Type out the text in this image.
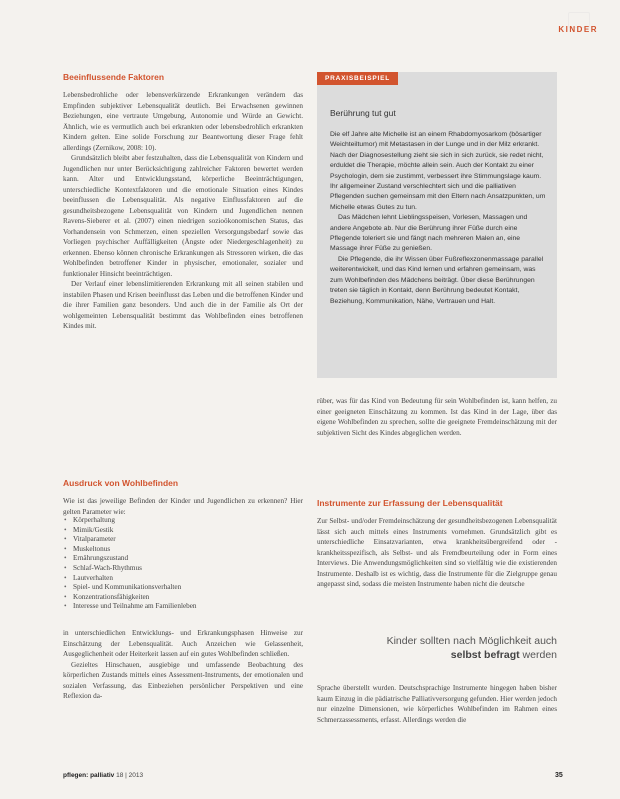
KINDER
Beeinflussende Faktoren

Lebensbedrohliche oder lebensverkürzende Erkrankungen verändern das Empfinden subjektiver Lebensqualität deutlich. Bei Erwachsenen gewinnen Beziehungen, eine vertraute Umgebung, Autonomie und Würde an Gewicht. Ähnlich, wie es vermutlich auch bei erkrankten oder lebensbedrohlich erkrankten Kindern gelten. Eine solide Forschung zur Beantwortung dieser Frage fehlt allerdings (Zernikow, 2008: 10).

Grundsätzlich bleibt aber festzuhalten, dass die Lebensqualität von Kindern und Jugendlichen nur unter Berücksichtigung zahlreicher Faktoren bewertet werden kann. Alter und Entwicklungsstand, körperliche Beeinträchtigungen, unterschiedliche Kontextfaktoren und die emotionale Situation eines Kindes beeinflussen die Lebensqualität. Als negative Einflussfaktoren auf die gesundheitsbezogene Lebensqualität von Kindern und Jugendlichen nennen Ravens-Sieberer et al. (2007) einen niedrigen sozioökonomischen Status, das Vorhandensein von Schmerzen, einen speziellen Versorgungsbedarf sowie das Vorliegen psychischer Auffälligkeiten (Ängste oder Niedergeschlagenheit) zu erkennen. Ebenso können chronische Erkrankungen als Stressoren wirken, die das Wohlbefinden betroffener Kinder in physischer, emotionaler, sozialer und funktionaler Hinsicht beeinträchtigen.

Der Verlauf einer lebenslimitierenden Erkrankung mit all seinen stabilen und instabilen Phasen und Krisen beeinflusst das Leben und die betroffenen Kinder und die ihrer Familien ganz besonders. Und auch die in der Familie als Ort der wohlgemeinten Lebensqualität bestimmt das Wohlbefinden eines betroffenen Kindes mit.

PRAXISBEISPIEL
Berührung tut gut

Die elf Jahre alte Michelle ist an einem Rhabdomyosarkom (bösartiger Weichteiltumor) mit Metastasen in der Lunge und in der Milz erkrankt. Nach der Diagnosestellung zieht sie sich in sich zurück, sie redet nicht, erduldet die Therapie, möchte allein sein. Auch der Kontakt zu einer Psychologin, dem sie zustimmt, verbessert ihre Stimmungslage kaum. Ihr allgemeiner Zustand verschlechtert sich und die palliativen Pflegenden suchen gemeinsam mit den Eltern nach Ansatzpunkten, um Michelle etwas Gutes zu tun.

Das Mädchen lehnt Lieblingsspeisen, Vorlesen, Massagen und andere Angebote ab. Nur die Berührung ihrer Füße durch eine Pflegende toleriert sie und fängt nach mehreren Malen an, eine Massage ihrer Füße zu genießen.

Die Pflegende, die ihr Wissen über Fußreflexzonenmassage parallel weiterentwickelt, und das Kind lernen und erfahren gemeinsam, was zum Wohlbefinden des Mädchens beiträgt. Über diese Berührungen treten sie täglich in Kontakt, denn Berührung bedeutet Kontakt, Beziehung, Kommunikation, Nähe, Vertrauen und Halt.

rüber, was für das Kind von Bedeutung für sein Wohlbefinden ist, kann helfen, zu einer geeigneten Einschätzung zu kommen. Ist das Kind in der Lage, über das eigene Wohlbefinden zu sprechen, sollte die geeignete Fremdeinschätzung mit der subjektiven Sicht des Kindes abgeglichen werden.
Ausdruck von Wohlbefinden
Wie ist das jeweilige Befinden der Kinder und Jugendlichen zu erkennen? Hier gelten Parameter wie:
• Körperhaltung
• Mimik/Gestik
• Vitalparameter
• Muskeltonus
• Ernährungszustand
• Schlaf-Wach-Rhythmus
• Lautverhalten
• Spiel- und Kommunikationsverhalten
• Konzentrationsfähigkeiten
• Interesse und Teilnahme am Familienleben

in unterschiedlichen Entwicklungs- und Erkrankungsphasen Hinweise zur Einschätzung der Lebensqualität. Auch Anzeichen wie Gelassenheit, Ausgeglichenheit oder Heiterkeit lassen auf ein gutes Wohlbefinden schließen.

Gezieltes Hinschauen, ausgiebige und umfassende Beobachtung des körperlichen Zustands mittels eines Assessment-Instruments, der emotionalen und sozialen Verfassung, das Einbeziehen persönlicher Perspektiven und eine Reflexion da-

Instrumente zur Erfassung der Lebensqualität
Zur Selbst- und/oder Fremdeinschätzung der gesundheitsbezogenen Lebensqualität lässt sich auch mittels eines Instruments vornehmen. Grundsätzlich gibt es unterschiedliche Einsatzvarianten, etwa krankheitsübergreifend oder -krankheitsspezifisch, als Selbst- und als Fremdbeurteilung oder in Form eines Interviews. Die Anwendungsmöglichkeiten sind so vielfältig wie die existierenden Instrumente. Deshalb ist es wichtig, dass die Instrumente für die Zielgruppe genau angepasst sind, sodass die meisten Instrumente haben nicht die deutsche
Kinder sollten nach Möglichkeit auch
selbst befragt werden
Sprache überstellt wurden. Deutschsprachige Instrumente hingegen haben bisher kaum Einzug in die pädiatrische Palliativversorgung gefunden. Hier werden jedoch nur einzelne Dimensionen, wie körperliches Wohlbefinden im Rahmen eines Schmerzassessments, erfasst. Allerdings werden die
pflegen: palliativ 18 | 2013	35
